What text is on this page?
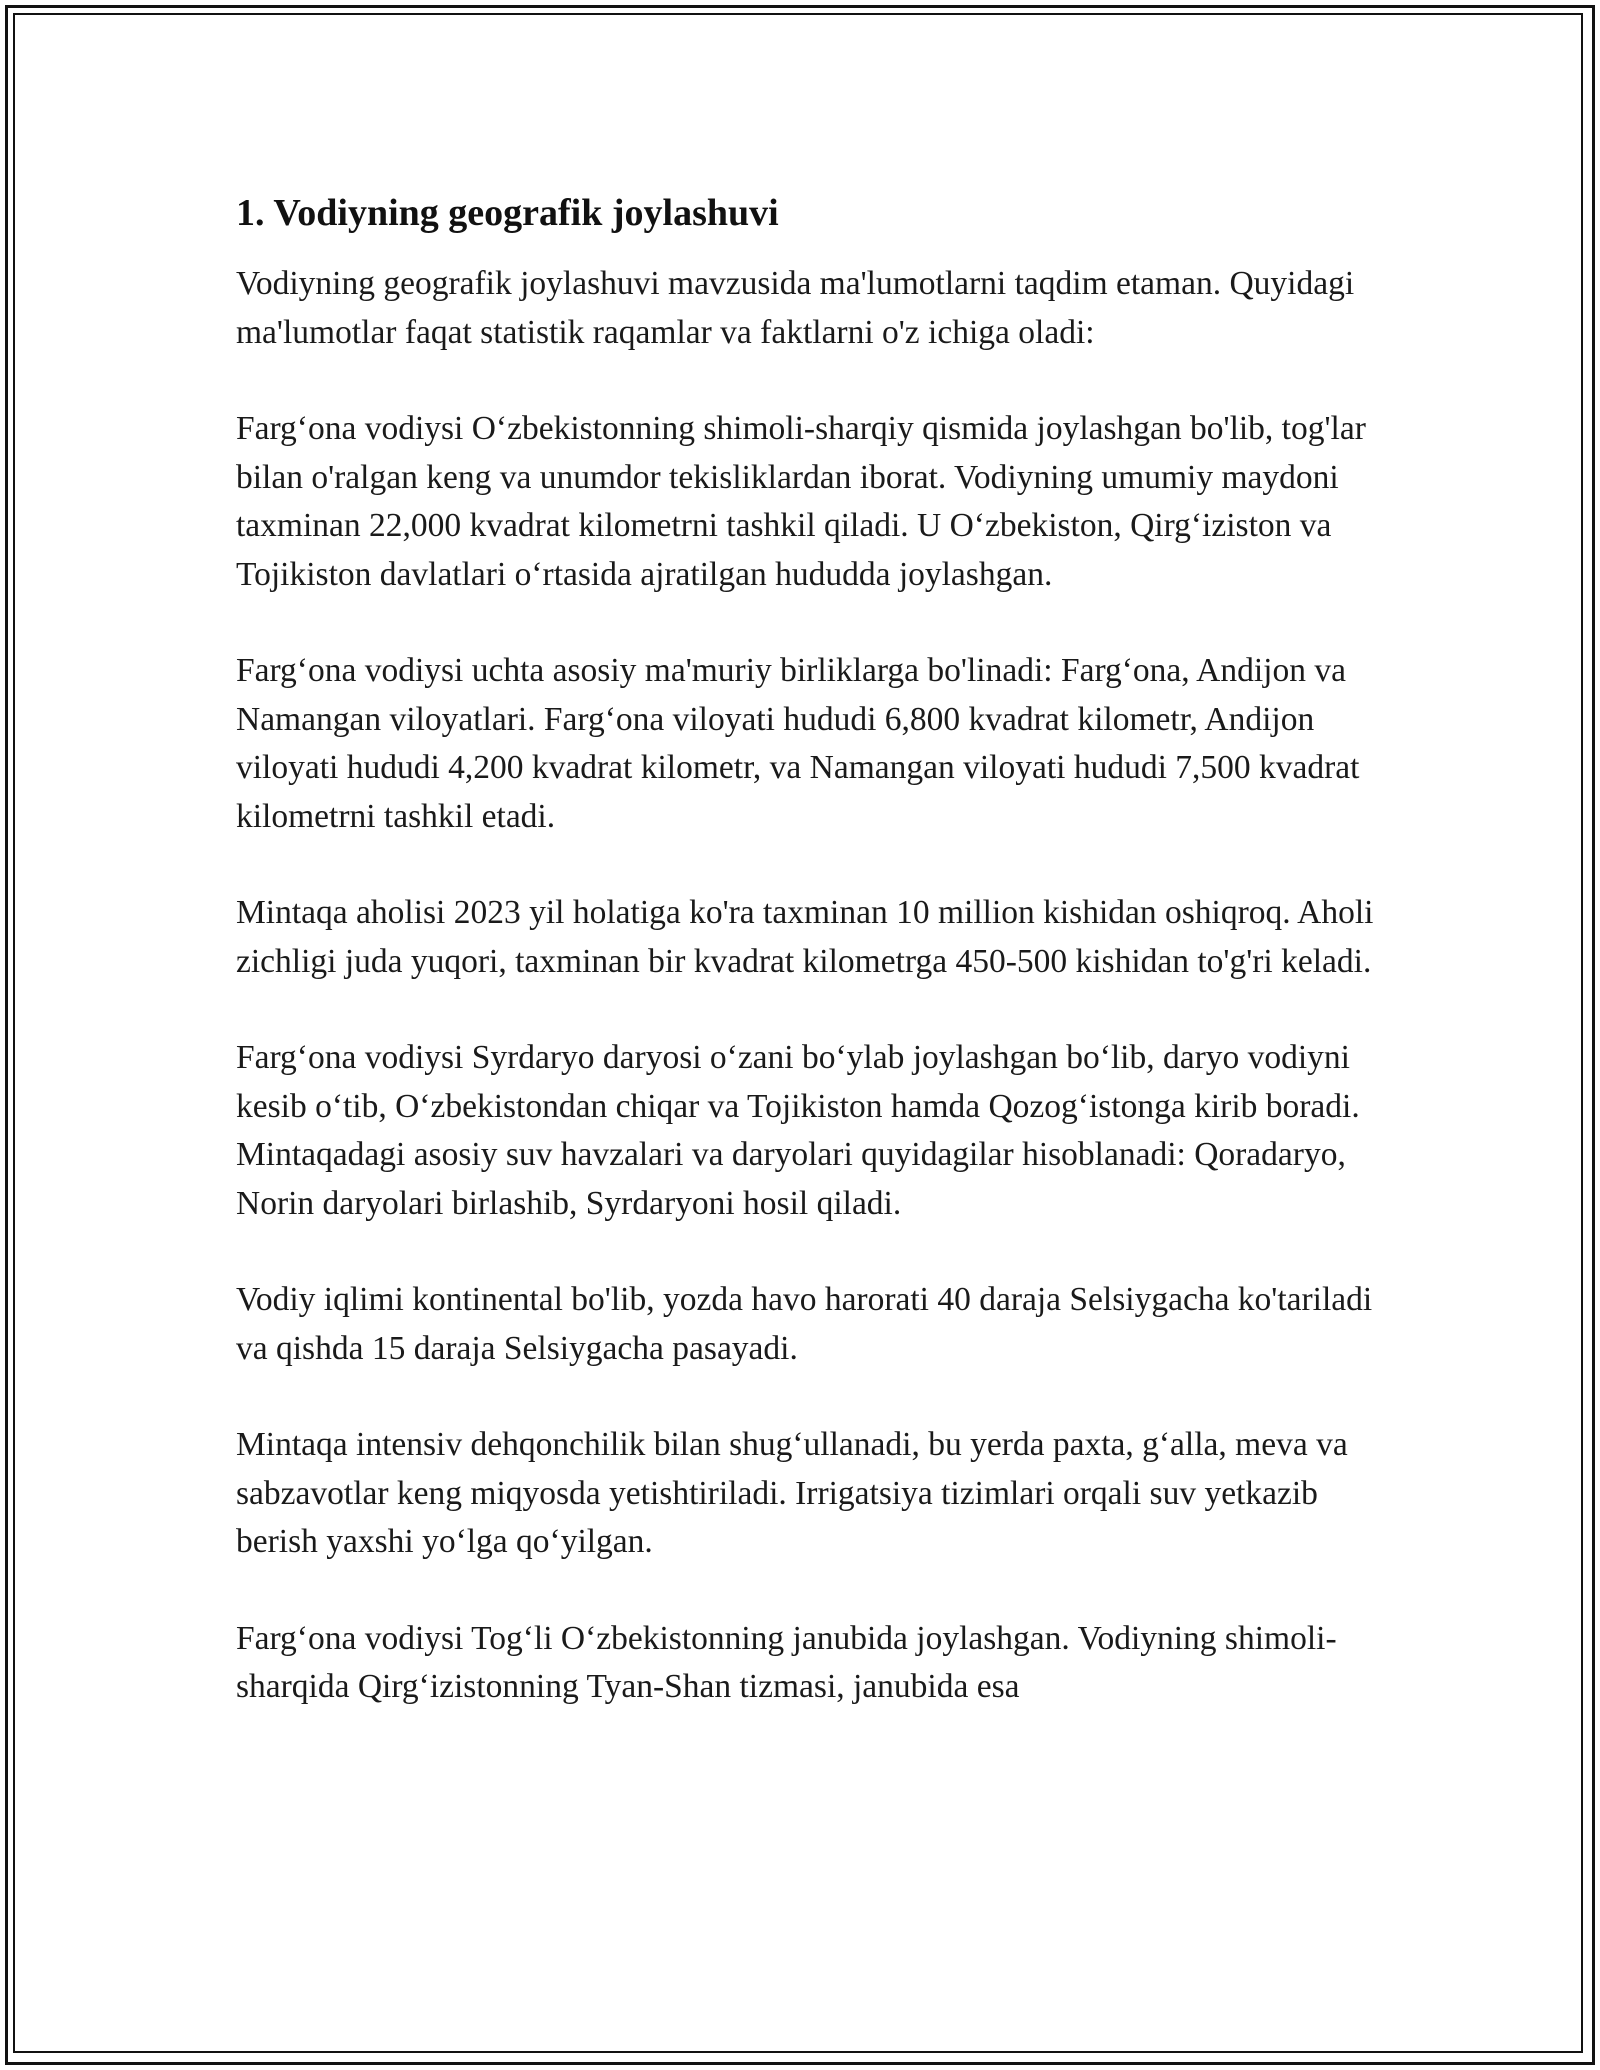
1. Vodiyning geografik joylashuvi

Vodiyning geografik joylashuvi mavzusida ma'lumotlarni taqdim etaman. Quyidagi ma'lumotlar faqat statistik raqamlar va faktlarni o'z ichiga oladi:

Farg‘ona vodiysi O‘zbekistonning shimoli-sharqiy qismida joylashgan bo'lib, tog'lar bilan o'ralgan keng va unumdor tekisliklardan iborat. Vodiyning umumiy maydoni taxminan 22,000 kvadrat kilometrni tashkil qiladi. U O‘zbekiston, Qirg‘iziston va Tojikiston davlatlari o‘rtasida ajratilgan hududda joylashgan.

Farg‘ona vodiysi uchta asosiy ma'muriy birliklarga bo'linadi: Farg‘ona, Andijon va Namangan viloyatlari. Farg‘ona viloyati hududi 6,800 kvadrat kilometr, Andijon viloyati hududi 4,200 kvadrat kilometr, va Namangan viloyati hududi 7,500 kvadrat kilometrni tashkil etadi.

Mintaqa aholisi 2023 yil holatiga ko'ra taxminan 10 million kishidan oshiqroq. Aholi zichligi juda yuqori, taxminan bir kvadrat kilometrga 450-500 kishidan to'g'ri keladi.

Farg‘ona vodiysi Syrdaryo daryosi o‘zani bo‘ylab joylashgan bo‘lib, daryo vodiyni kesib o‘tib, O‘zbekistondan chiqar va Tojikiston hamda Qozog‘istonga kirib boradi. Mintaqadagi asosiy suv havzalari va daryolari quyidagilar hisoblanadi: Qoradaryo, Norin daryolari birlashib, Syrdaryoni hosil qiladi.

Vodiy iqlimi kontinental bo'lib, yozda havo harorati 40 daraja Selsiygacha ko'tariladi va qishda 15 daraja Selsiygacha pasayadi.

Mintaqa intensiv dehqonchilik bilan shug‘ullanadi, bu yerda paxta, g‘alla, meva va sabzavotlar keng miqyosda yetishtiriladi. Irrigatsiya tizimlari orqali suv yetkazib berish yaxshi yo‘lga qo‘yilgan.

Farg‘ona vodiysi Tog‘li O‘zbekistonning janubida joylashgan. Vodiyning shimoli-sharqida Qirg‘izistonning Tyan-Shan tizmasi, janubida esa
